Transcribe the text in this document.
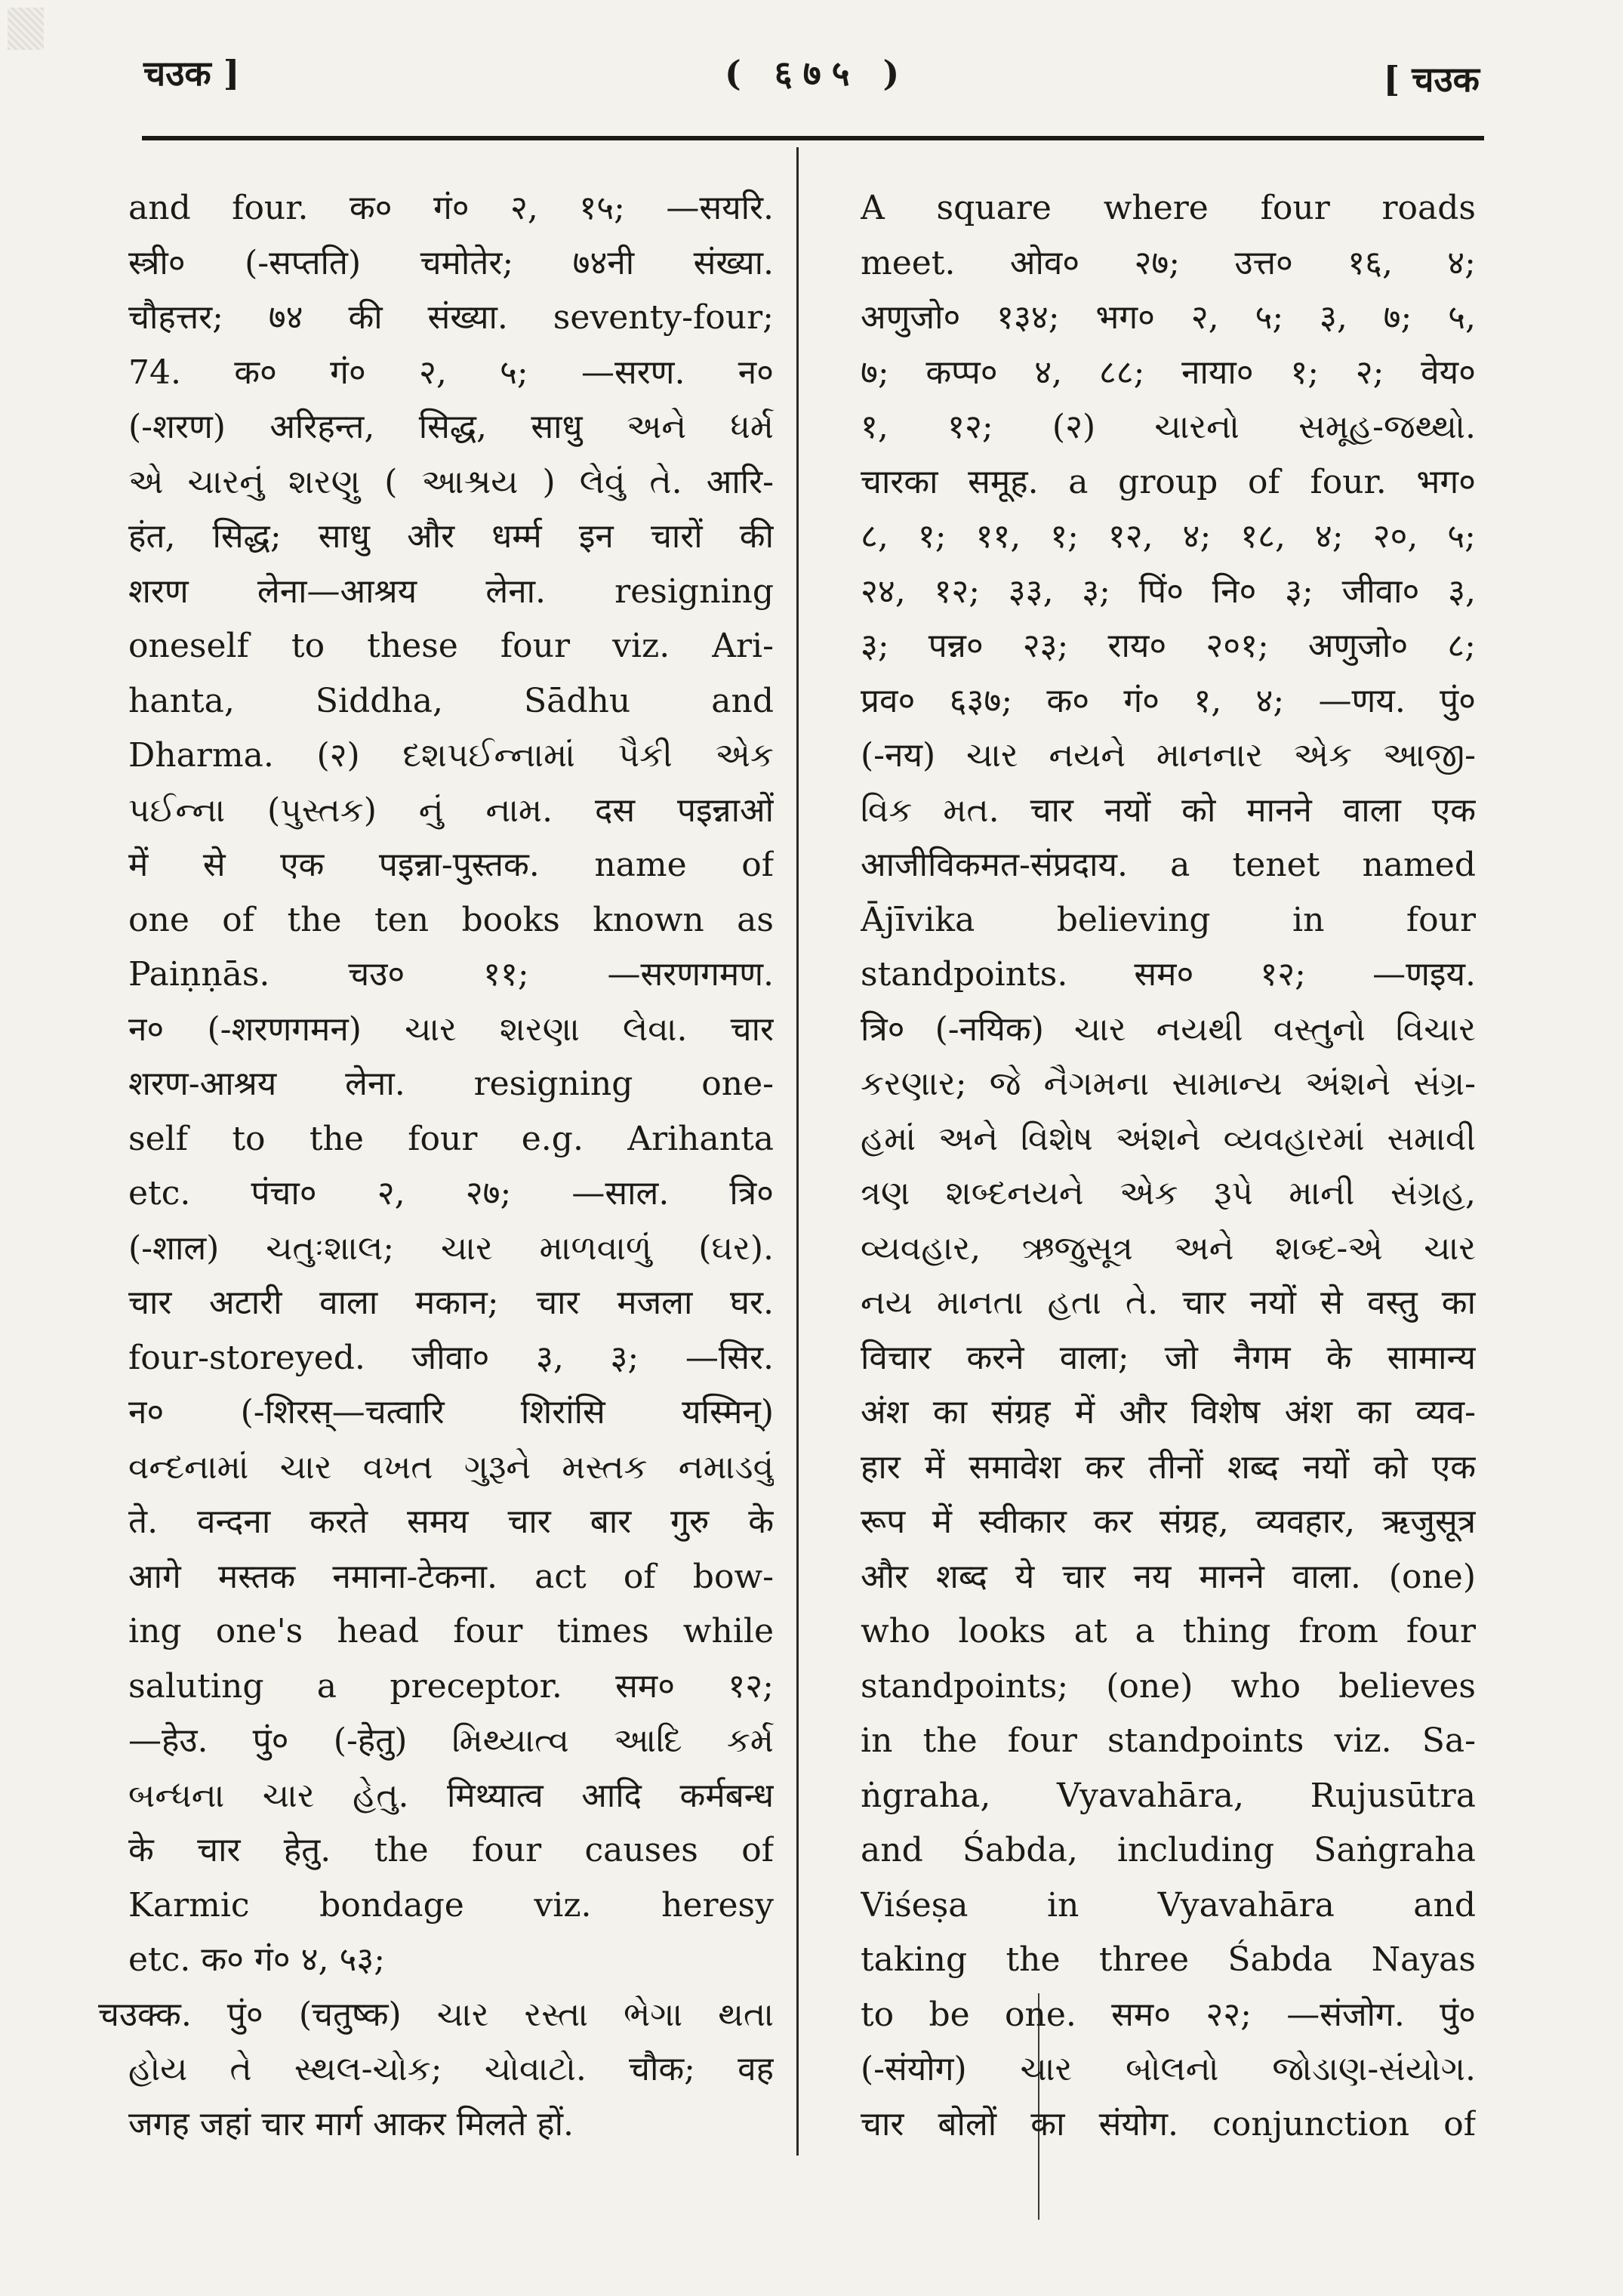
चउक ]	( ६७५ )	[ चउक
and four. क० गं० २, १५; —सयरि.
स्त्री० (-सप्तति) चमोतेर; ७४नी संख्या.
चौहत्तर; ७४ की संख्या. seventy-four;
74. क० गं० २, ५; —सरण. न०
(-शरण) अरिहन्त, सिद्ध, साधु અને ધર્મ
એ ચારનું શરણુ ( આશ્રય ) લેવું તે. आरि-
हंत, सिद्ध; साधु और धर्म्म इन चारों की
शरण लेना—आश्रय लेना. resigning
oneself to these four viz. Ari-
hanta, Siddha, Sādhu and
Dharma. (२) દશપઈન્નામાં પૈકી એક
પઈન્ના (પુસ્તક) નું નામ. दस पइन्नाओं
में से एक पइन्ना-पुस्तक. name of
one of the ten books known as
Paiṇṇās. चउ० ११; —सरणगमण.
न० (-शरणगमन) ચાર શરણા લેવા. चार
शरण-आश्रय लेना. resigning one-
self to the four e.g. Arihanta
etc. पंचा० २, २७; —साल. त्रि०
(-शाल) ચતુઃશાલ; ચાર માળવાળું (ઘર).
चार अटारी वाला मकान; चार मजला घर.
four-storeyed. जीवा० ३, ३; —सिर.
न० (-शिरस्—चत्वारि शिरांसि यस्मिन्)
વન્દનામાં ચાર વખત ગુરૂને મસ્તક નમાડવું
ते. वन्दना करते समय चार बार गुरु के
आगे मस्तक नमाना-टेकना. act of bow-
ing one's head four times while
saluting a preceptor. सम० १२;
—हेउ. पुं० (-हेतु) મિથ્યાત્વ આદિ કર્મ
બન્ધના ચાર હેતુ. मिथ्यात्व आदि कर्मबन्ध
के चार हेतु. the four causes of
Karmic bondage viz. heresy
etc. क० गं० ४, ५३;
चउक्क. पुं० (चतुष्क) ચાર રસ્તા ભેગા થતા
હોય તે સ્થલ-ચોક; ચોવાટો. चौक; वह
जगह जहां चार मार्ग आकर मिलते हों.
A square where four roads
meet. ओव० २७; उत्त० १६, ४;
अणुजो० १३४; भग० २, ५; ३, ७; ५,
७; कप्प० ४, ८८; नाया० १; २; वेय०
१, १२; (२) ચારનો સમૂહ-જથ્થો.
चारका समूह. a group of four. भग०
८, १; ११, १; १२, ४; १८, ४; २०, ५;
२४, १२; ३३, ३; पिं० नि० ३; जीवा० ३,
३; पन्न० २३; राय० २०१; अणुजो० ८;
प्रव० ६३७; क० गं० १, ४; —णय. पुं०
(-नय) ચાર નયને માનનાર એક આજી-
વિક મત. चार नयों को मानने वाला एक
आजीविकमत-संप्रदाय. a tenet named
Ājīvika believing in four
standpoints. सम० १२; —णइय.
त्रि० (-नयिक) ચાર નયથી વસ્તુનો વિચાર
કરણાર; જે નૈગમના સામાન્ય અંશને સંગ્ર-
હમાં અને વિશેષ અંશને વ્યવહારમાં સમાવી
ત્રણ શબ્દનયને એક રૂપે માની સંગ્રહ,
વ્યવહાર, ઋજુસૂત્ર અને શબ્દ-એ ચાર
નય માનતા હતા તે. चार नयों से वस्तु का
विचार करने वाला; जो नैगम के सामान्य
अंश का संग्रह में और विशेष अंश का व्यव-
हार में समावेश कर तीनों शब्द नयों को एक
रूप में स्वीकार कर संग्रह, व्यवहार, ऋजुसूत्र
और शब्द ये चार नय मानने वाला. (one)
who looks at a thing from four
standpoints; (one) who believes
in the four standpoints viz. Sa-
ṅgraha, Vyavahāra, Rujusūtra
and Śabda, including Saṅgraha
Viśeṣa in Vyavahāra and
taking the three Śabda Nayas
to be one. सम० २२; —संजोग. पुं०
(-संयोग) ચાર બોલનો જોડાણ-સંયોગ.
चार बोलों का संयोग. conjunction of
